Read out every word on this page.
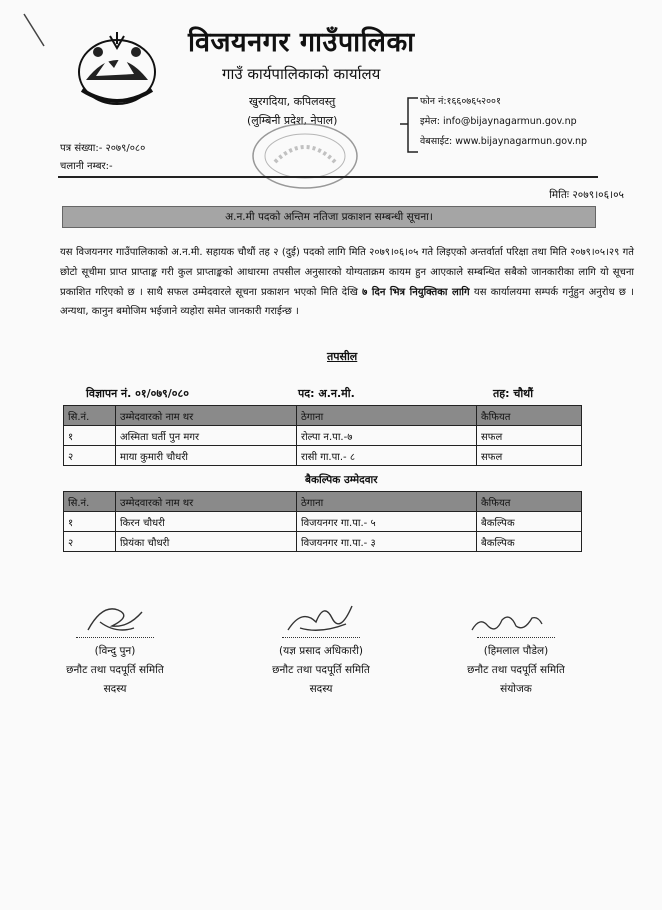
विजयनगर गाउँपालिका
गाउँ कार्यपालिकाको कार्यालय
खुरगदिया, कपिलवस्तु
(लुम्बिनी प्रदेश, नेपाल)
फोन नं:१६६०७६५२००१
इमेल: info@bijaynagarmun.gov.np
वेबसाईट: www.bijaynagarmun.gov.np
पत्र संख्या:- २०७९/०८०
चलानी नम्बर:-
मितिः २०७९।०६।०५
अ.न.मी पदको अन्तिम नतिजा प्रकाशन सम्बन्धी सूचना।
यस विजयनगर गाउँपालिकाको अ.न.मी. सहायक चौथौं तह २ (दुई) पदको लागि मिति २०७९।०६।०५ गते लिइएको अन्तर्वार्ता परिक्षा तथा मिति २०७९।०५।२९ गते छोटो सूचीमा प्राप्त प्राप्ताङ्क गरी कुल प्राप्ताङ्कको आधारमा तपसील अनुसारको योग्यताक्रम कायम हुन आएकाले सम्बन्धित सबैको जानकारीका लागि यो सूचना प्रकाशित गरिएको छ । साथै सफल उम्मेदवारले सूचना प्रकाशन भएको मिति देखि ७ दिन भित्र नियुक्तिका लागि यस कार्यालयमा सम्पर्क गर्नुहुन अनुरोध छ । अन्यथा, कानुन बमोजिम भईजाने व्यहोरा समेत जानकारी गराईन्छ ।
तपसील
विज्ञापन नं. ०१/०७९/०८०	पद: अ.न.मी.	तह: चौथौं
सि.नं.	उम्मेदवारको नाम थर	ठेगाना	कैफियत
१	अस्मिता घर्ती पुन मगर	रोल्पा न.पा.-७	सफल
२	माया कुमारी चौधरी	रासी गा.पा.- ८	सफल
बैकल्पिक उम्मेदवार
सि.नं.	उम्मेदवारको नाम थर	ठेगाना	कैफियत
१	किरन चौधरी	विजयनगर गा.पा.- ५	बैकल्पिक
२	प्रियंका चौधरी	विजयनगर गा.पा.- ३	बैकल्पिक
(विन्दु पुन)
छनौट तथा पदपूर्ति समिति
सदस्य
(यज्ञ प्रसाद अधिकारी)
छनौट तथा पदपूर्ति समिति
सदस्य
(हिमलाल पौडेल)
छनौट तथा पदपूर्ति समिति
संयोजक
